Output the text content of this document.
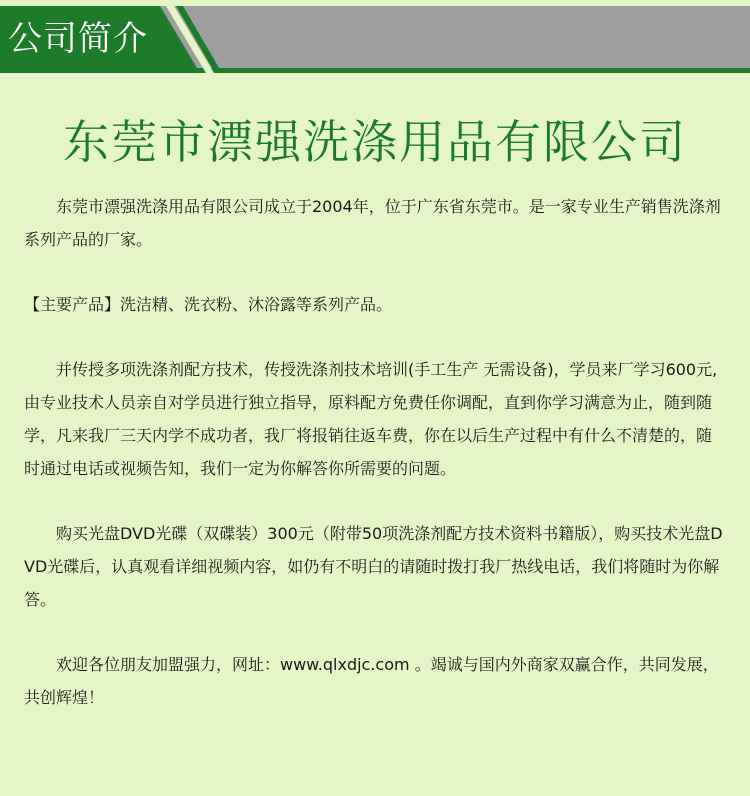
公司简介
东莞市漂强洗涤用品有限公司

东莞市漂强洗涤用品有限公司成立于2004年，位于广东省东莞市。是一家专业生产销售洗涤剂系列产品的厂家。

【主要产品】洗洁精、洗衣粉、沐浴露等系列产品。

并传授多项洗涤剂配方技术，传授洗涤剂技术培训(手工生产 无需设备)，学员来厂学习600元,由专业技术人员亲自对学员进行独立指导，原料配方免费任你调配，直到你学习满意为止，随到随学，凡来我厂三天内学不成功者，我厂将报销往返车费，你在以后生产过程中有什么不清楚的，随时通过电话或视频告知，我们一定为你解答你所需要的问题。

购买光盘DVD光碟（双碟装）300元（附带50项洗涤剂配方技术资料书籍版），购买技术光盘DVD光碟后，认真观看详细视频内容，如仍有不明白的请随时拨打我厂热线电话，我们将随时为你解答。

欢迎各位朋友加盟强力，网址：www.qlxdjc.com 。竭诚与国内外商家双赢合作，共同发展，共创辉煌！
